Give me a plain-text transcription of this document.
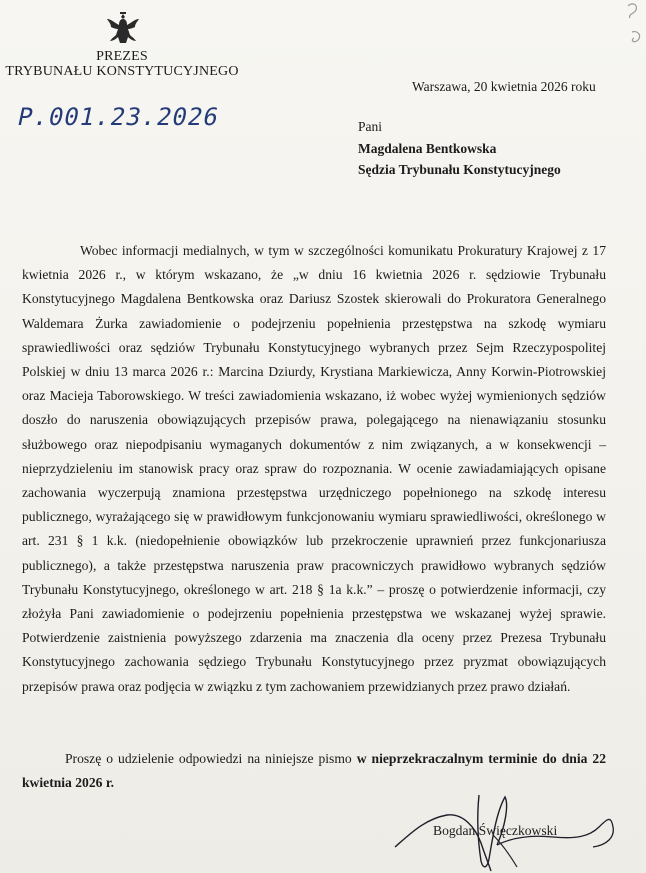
PREZES
TRYBUNAŁU KONSTYTUCYJNEGO
Warszawa, 20 kwietnia 2026 roku
P.001.23.2026	Pani
Magdalena Bentkowska
Sędzia Trybunału Konstytucyjnego

Wobec informacji medialnych, w tym w szczególności komunikatu Prokuratury Krajowej z 17 kwietnia 2026 r., w którym wskazano, że „w dniu 16 kwietnia 2026 r. sędziowie Trybunału Konstytucyjnego Magdalena Bentkowska oraz Dariusz Szostek skierowali do Prokuratora Generalnego Waldemara Żurka zawiadomienie o podejrzeniu popełnienia przestępstwa na szkodę wymiaru sprawiedliwości oraz sędziów Trybunału Konstytucyjnego wybranych przez Sejm Rzeczypospolitej Polskiej w dniu 13 marca 2026 r.: Marcina Dziurdy, Krystiana Markiewicza, Anny Korwin-Piotrowskiej oraz Macieja Taborowskiego. W treści zawiadomienia wskazano, iż wobec wyżej wymienionych sędziów doszło do naruszenia obowiązujących przepisów prawa, polegającego na nienawiązaniu stosunku służbowego oraz niepodpisaniu wymaganych dokumentów z nim związanych, a w konsekwencji – nieprzydzieleniu im stanowisk pracy oraz spraw do rozpoznania. W ocenie zawiadamiających opisane zachowania wyczerpują znamiona przestępstwa urzędniczego popełnionego na szkodę interesu publicznego, wyrażającego się w prawidłowym funkcjonowaniu wymiaru sprawiedliwości, określonego w art. 231 § 1 k.k. (niedopełnienie obowiązków lub przekroczenie uprawnień przez funkcjonariusza publicznego), a także przestępstwa naruszenia praw pracowniczych prawidłowo wybranych sędziów Trybunału Konstytucyjnego, określonego w art. 218 § 1a k.k.” – proszę o potwierdzenie informacji, czy złożyła Pani zawiadomienie o podejrzeniu popełnienia przestępstwa we wskazanej wyżej sprawie. Potwierdzenie zaistnienia powyższego zdarzenia ma znaczenia dla oceny przez Prezesa Trybunału Konstytucyjnego zachowania sędziego Trybunału Konstytucyjnego przez pryzmat obowiązujących przepisów prawa oraz podjęcia w związku z tym zachowaniem przewidzianych przez prawo działań.

Proszę o udzielenie odpowiedzi na niniejsze pismo w nieprzekraczalnym terminie do dnia 22 kwietnia 2026 r.

Bogdan Święczkowski
